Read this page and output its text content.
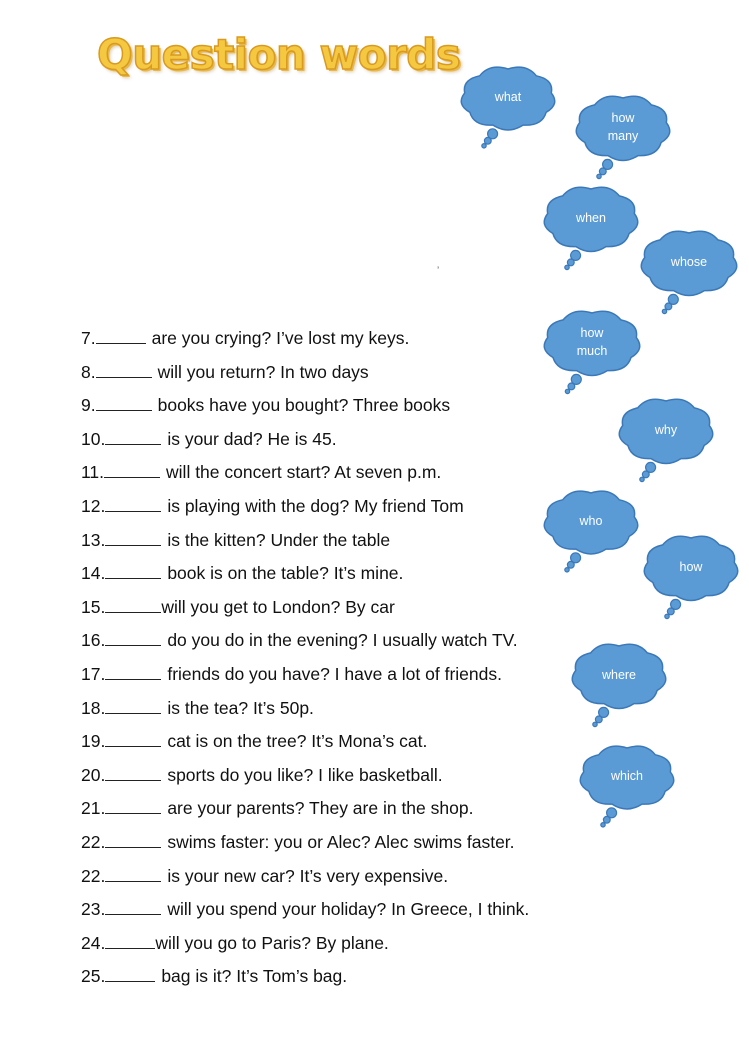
Question words
what
how
many
when
whose
how
much
why
who
how
where
which
7.	are you crying? I’ve lost my keys.
8.	will you return? In two days
9.	books have you bought? Three books
10.	is your dad? He is 45.
11.	will the concert start? At seven p.m.
12.	is playing with the dog? My friend Tom
13.	is the kitten? Under the table
14.	book is on the table? It’s mine.
15.	will you get to London? By car
16.	do you do in the evening? I usually watch TV.
17.	friends do you have? I have a lot of friends.
18.	is the tea? It’s 50p.
19.	cat is on the tree? It’s Mona’s cat.
20.	sports do you like? I like basketball.
21.	are your parents? They are in the shop.
22.	swims faster: you or Alec? Alec swims faster.
22.	is your new car? It’s very expensive.
23.	will you spend your holiday? In Greece, I think.
24.	will you go to Paris? By plane.
25.	bag is it? It’s Tom’s bag.
ʼ
